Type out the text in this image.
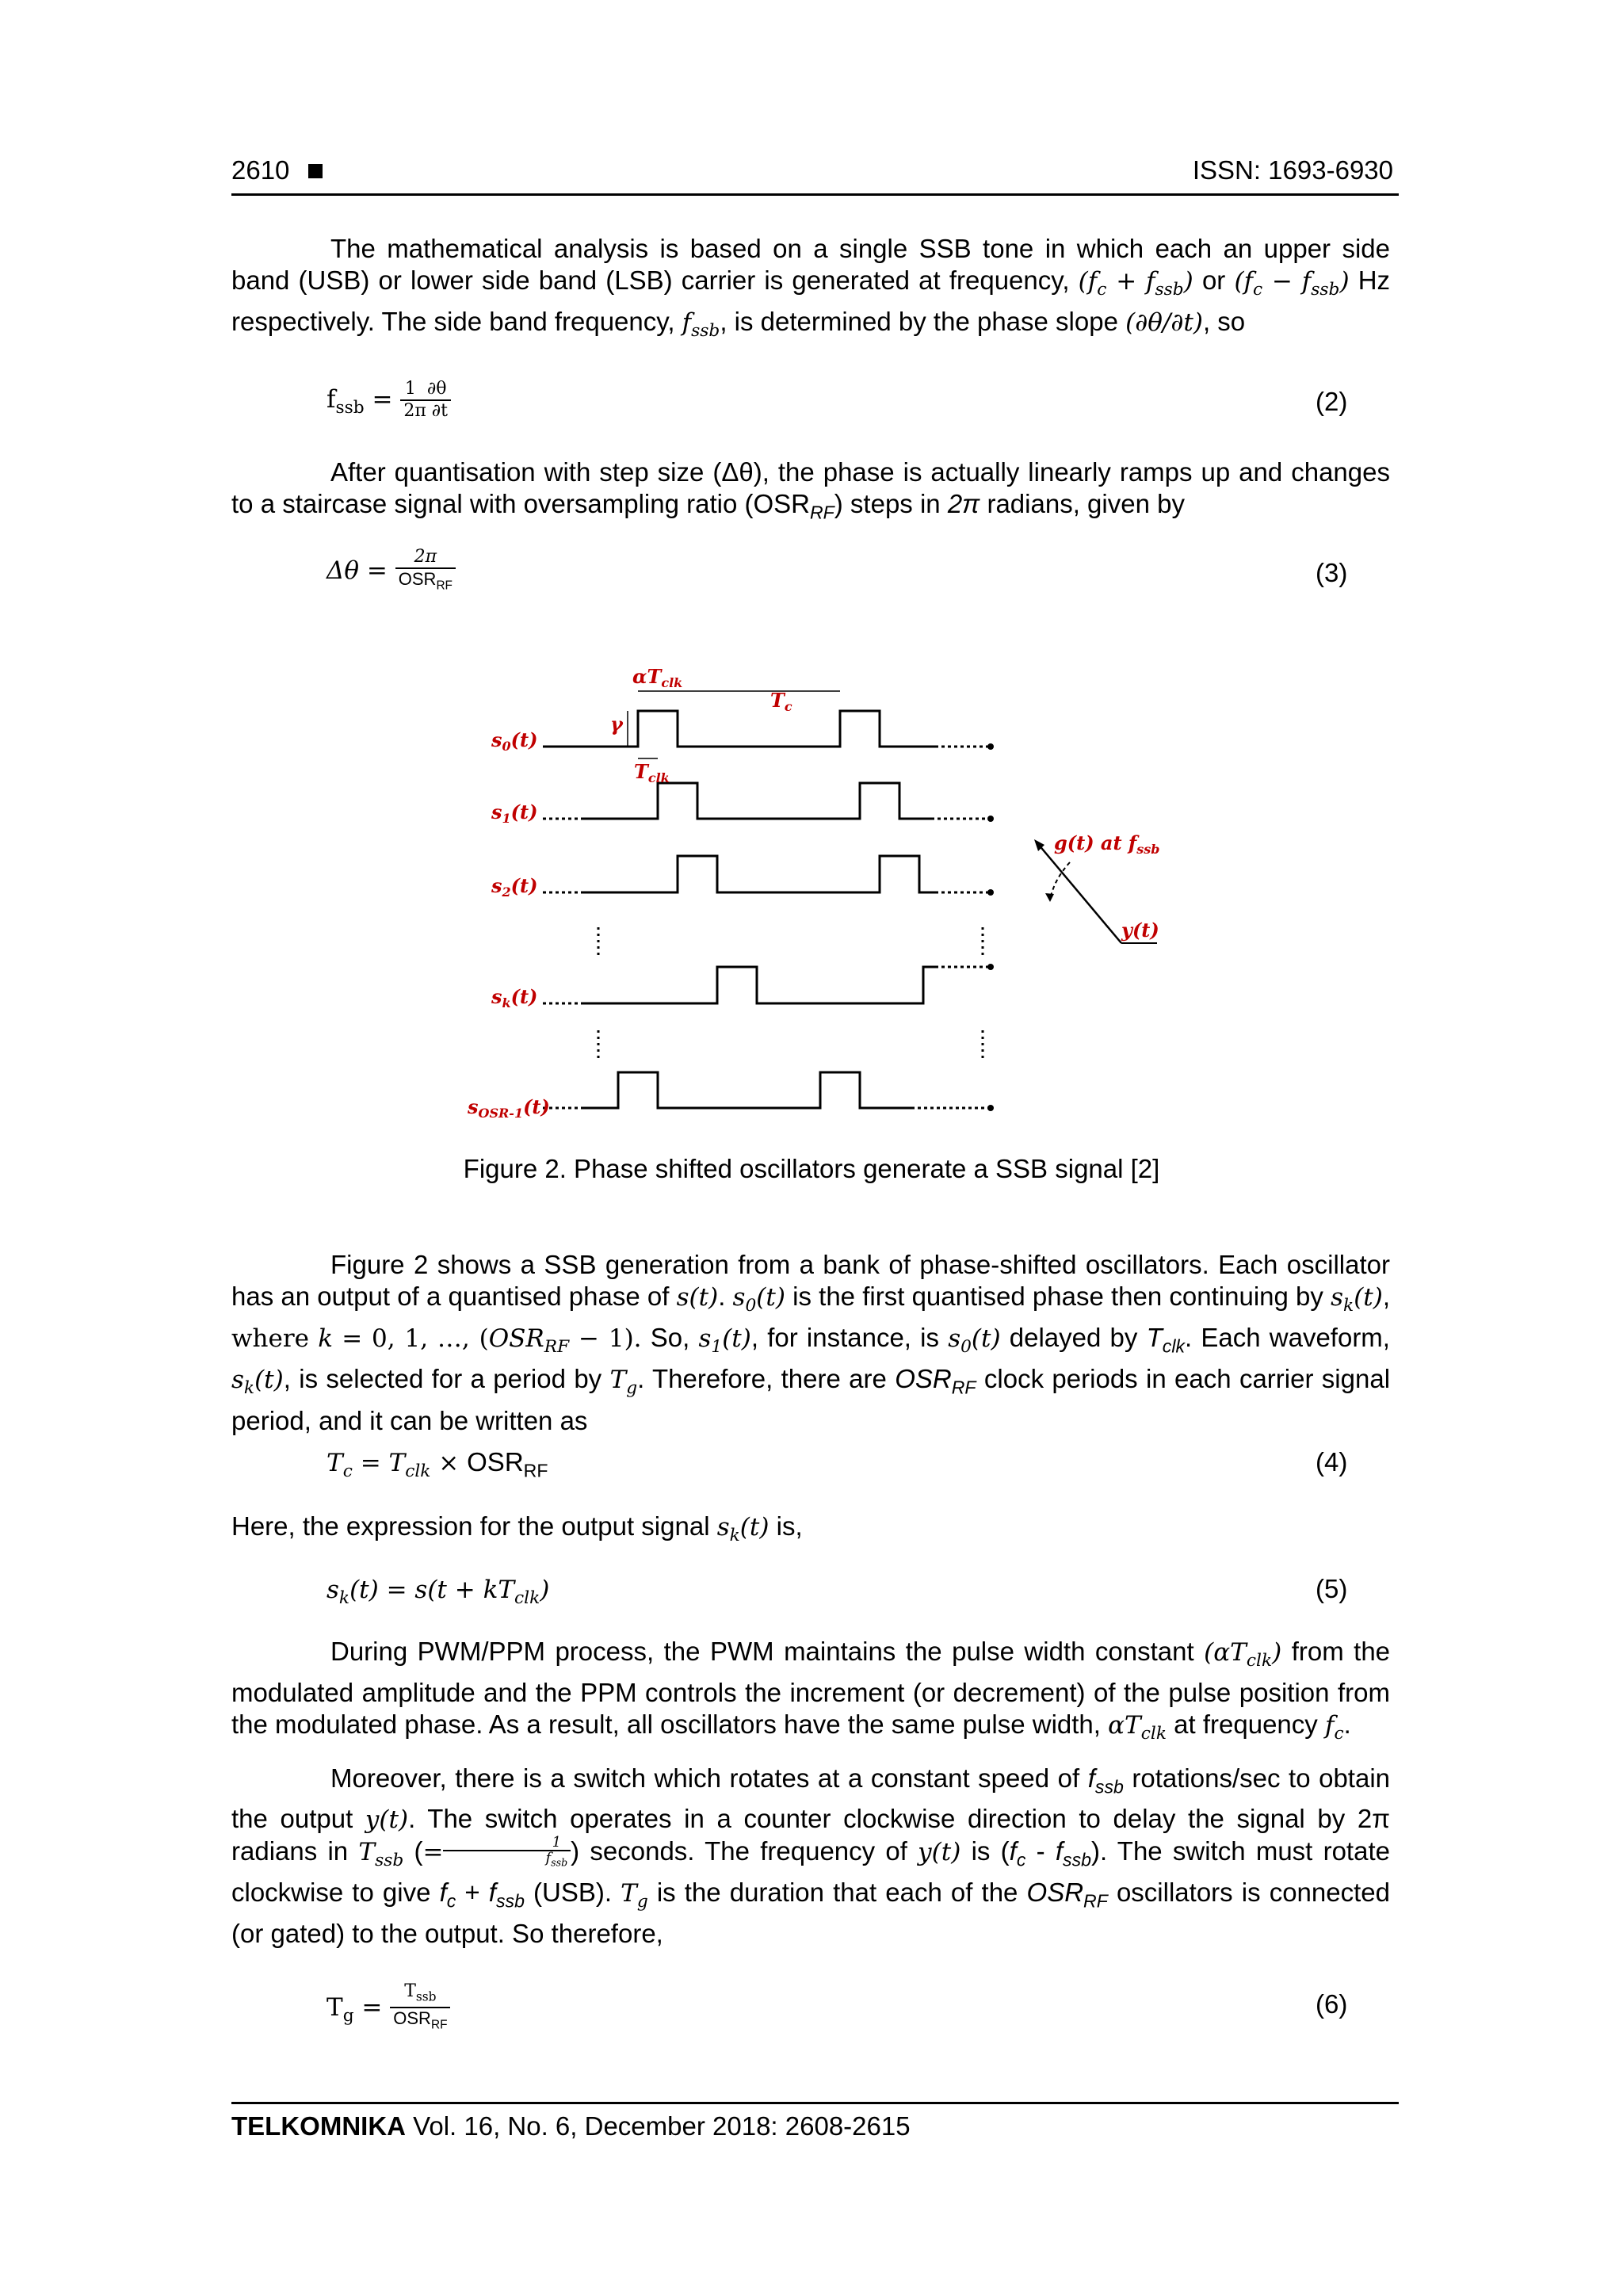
2610	ISSN: 1693-6930

The mathematical analysis is based on a single SSB tone in which each an upper side band (USB) or lower side band (LSB) carrier is generated at frequency, $(f_c + f_{ssb})$ or $(f_c - f_{ssb})$ Hz respectively. The side band frequency, $f_{ssb}$, is determined by the phase slope (∂θ/∂t), so

$f_{ssb} = \frac{1 \partial\theta}{2\pi \partial t}$	(2)

After quantisation with step size (Δθ), the phase is actually linearly ramps up and changes to a staircase signal with oversampling ratio $(OSR_{RF})$ steps in 2π radians, given by

$\Delta\theta = \frac{2\pi}{OSR_{RF}}$	(3)
$s_0(t)$
$s_1(t)$
$s_2(t)$
$s_k(t)$
$s_{OSR-1}(t)$
$\alpha T_{clk}$
$T_c$
γ
$T_{clk}$
g(t) at $f_{ssb}$
y(t)
Figure 2. Phase shifted oscillators generate a SSB signal [2]

Figure 2 shows a SSB generation from a bank of phase-shifted oscillators. Each oscillator has an output of a quantised phase of s(t). $s_0(t)$ is the first quantised phase then continuing by $s_k(t)$, where k = 0, 1, …, $(OSR_{RF} - 1)$. So, $s_1(t)$, for instance, is $s_0(t)$ delayed by $T_{clk}$. Each waveform, $s_k(t)$, is selected for a period by $T_g$. Therefore, there are $OSR_{RF}$ clock periods in each carrier signal period, and it can be written as

$T_c = T_{clk} \times OSR_{RF}$	(4)

Here, the expression for the output signal $s_k(t)$ is,

$s_k(t) = s(t + kT_{clk})$	(5)

During PWM/PPM process, the PWM maintains the pulse width constant $(\alpha T_{clk})$ from the modulated amplitude and the PPM controls the increment (or decrement) of the pulse position from the modulated phase. As a result, all oscillators have the same pulse width, $\alpha T_{clk}$ at frequency $f_c$.

Moreover, there is a switch which rotates at a constant speed of $f_{ssb}$ rotations/sec to obtain the output y(t). The switch operates in a counter clockwise direction to delay the signal by 2π radians in $T_{ssb}$ (= $\frac{1}{f_{ssb}}$ ) seconds. The frequency of y(t) is $(f_c - f_{ssb})$. The switch must rotate clockwise to give $f_c + f_{ssb}$ (USB). $T_g$ is the duration that each of the $OSR_{RF}$ oscillators is connected (or gated) to the output. So therefore,

$T_g = \frac{T_{ssb}}{OSR_{RF}}$	(6)
TELKOMNIKA Vol. 16, No. 6, December 2018: 2608-2615
